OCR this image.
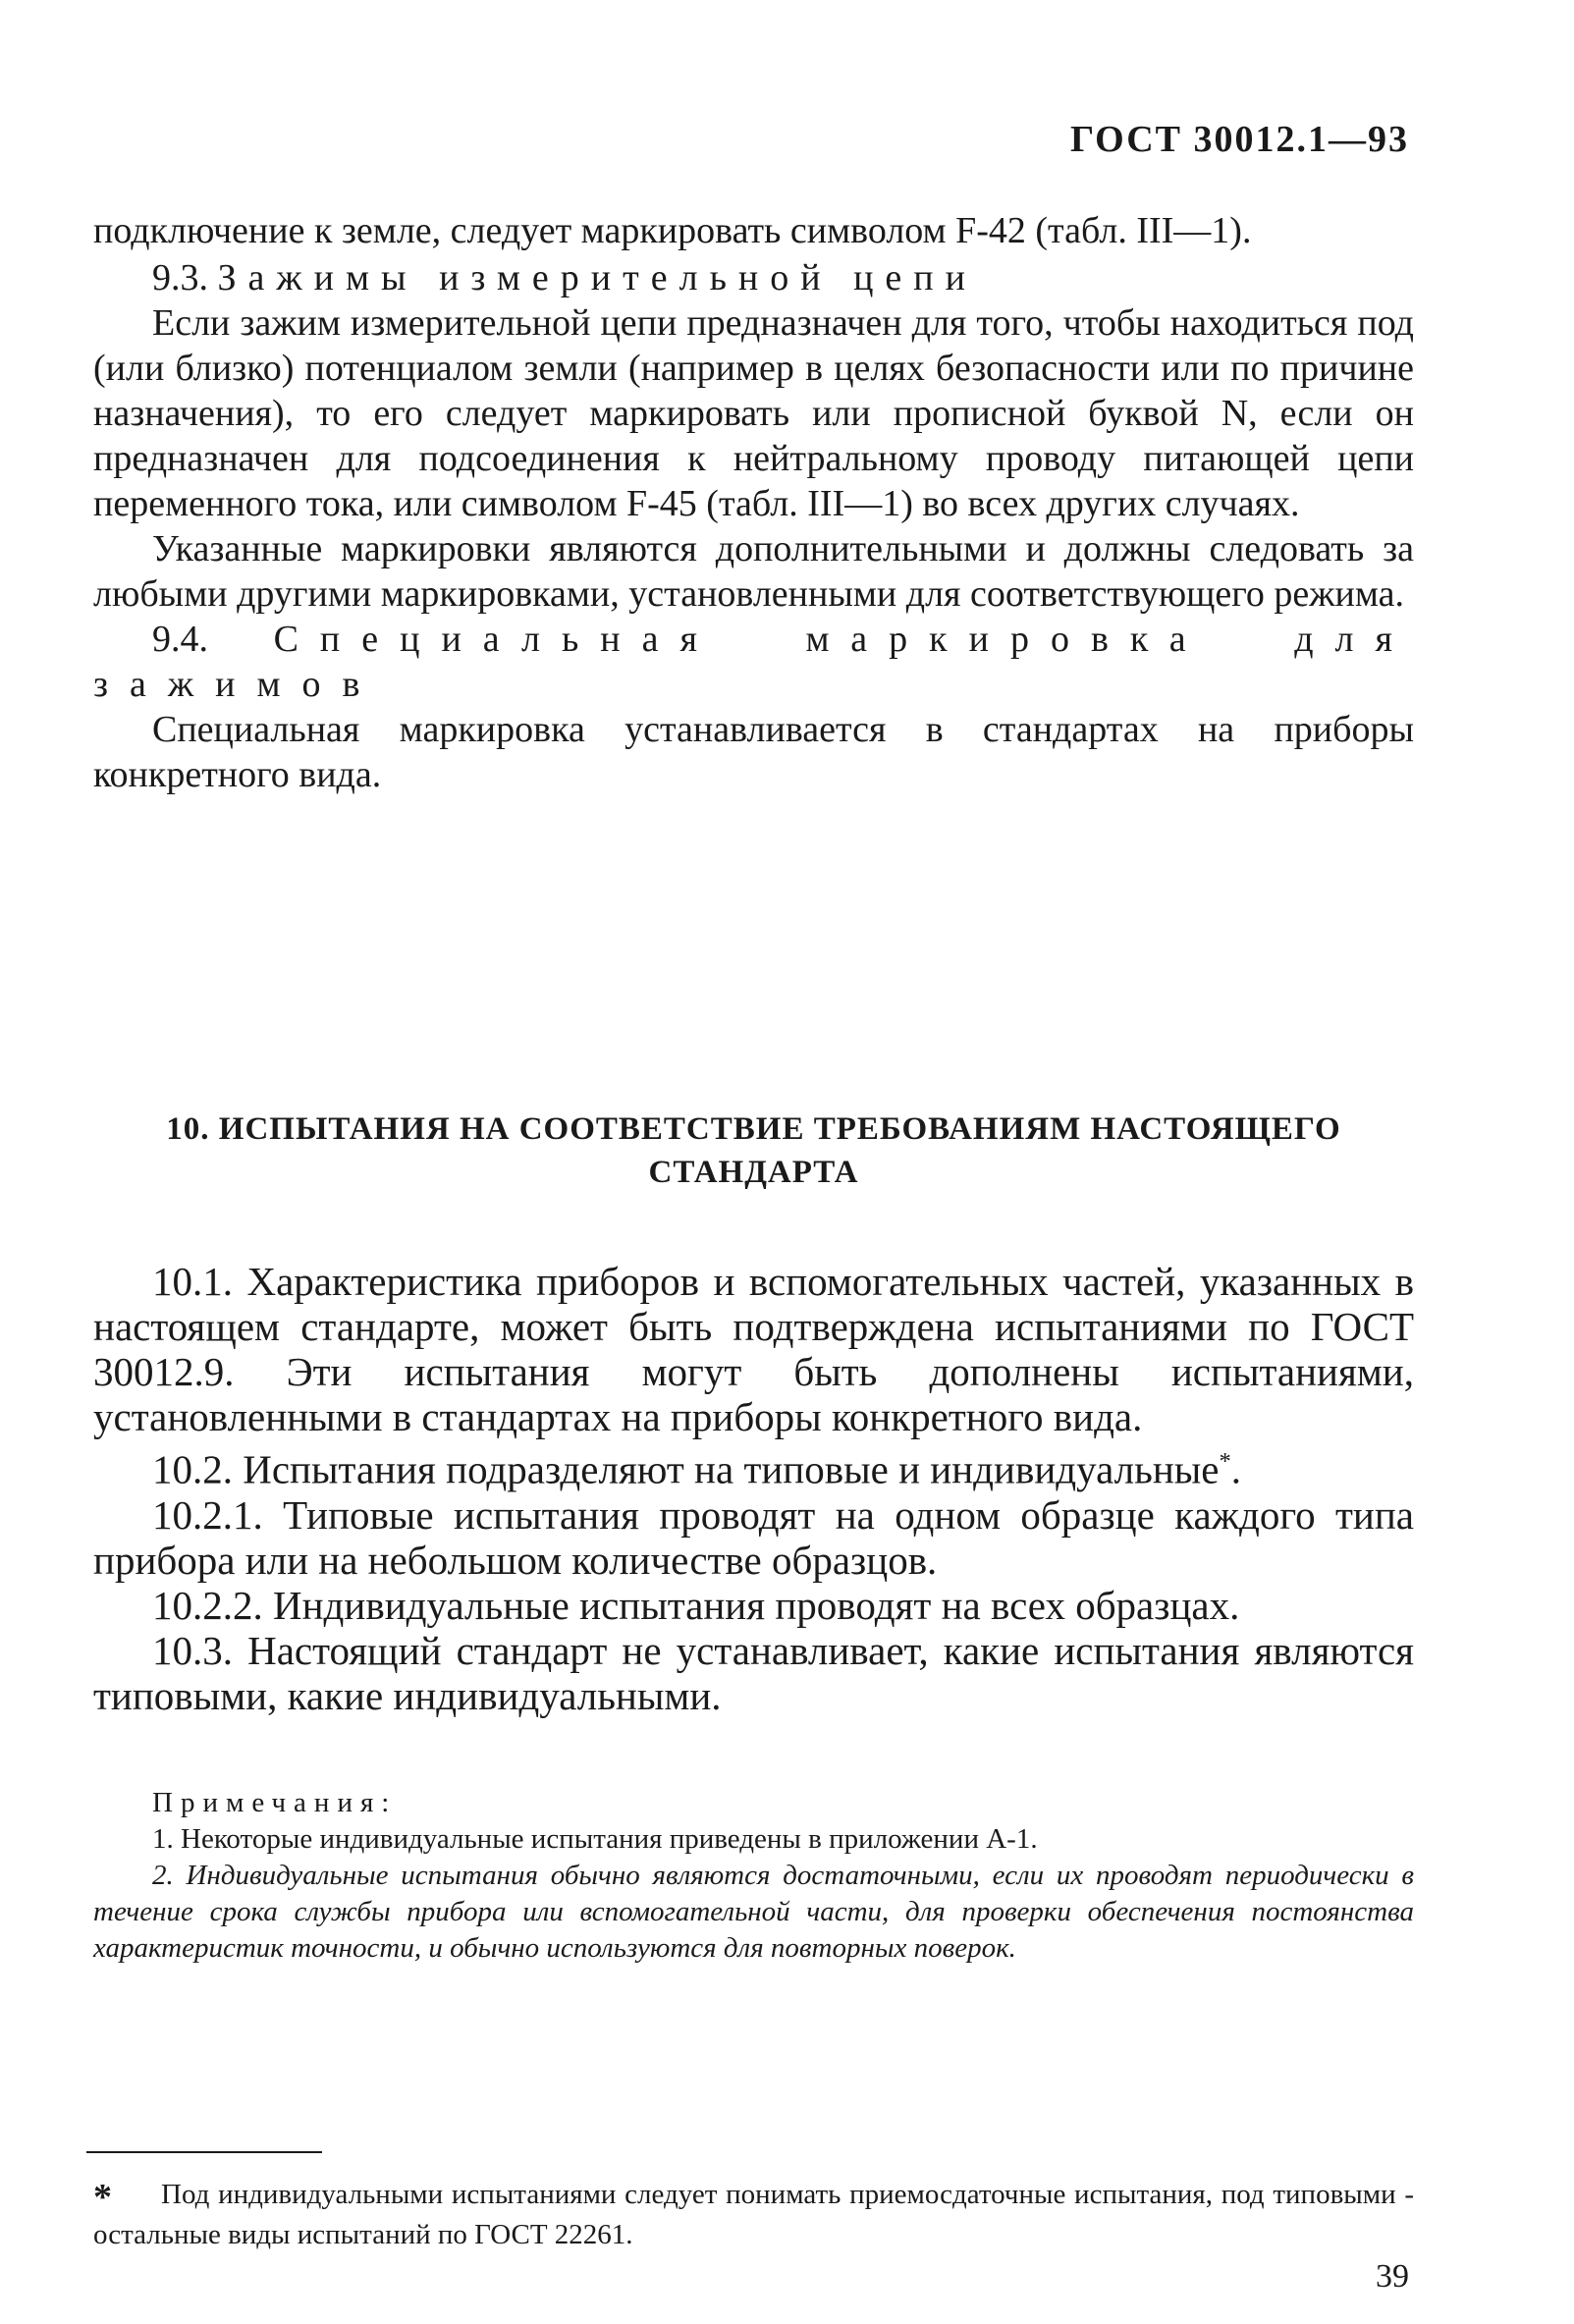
ГОСТ 30012.1—93

подключение к земле, следует маркировать символом F-42 (табл. III—1).

9.3. Зажимы измерительной цепи

Если зажим измерительной цепи предназначен для того, чтобы находиться под (или близко) потенциалом земли (например в целях безопасности или по причине назначения), то его следует маркировать или прописной буквой N, если он предназначен для подсоединения к нейтральному проводу питающей цепи переменного тока, или символом F-45 (табл. III—1) во всех других случаях.

Указанные маркировки являются дополнительными и должны следовать за любыми другими маркировками, установленными для соответствующего режима.

9.4. Специальная маркировка для зажимов

Специальная маркировка устанавливается в стандартах на приборы конкретного вида.

10. ИСПЫТАНИЯ НА СООТВЕТСТВИЕ ТРЕБОВАНИЯМ НАСТОЯЩЕГО СТАНДАРТА

10.1. Характеристика приборов и вспомогательных частей, указанных в настоящем стандарте, может быть подтверждена испытаниями по ГОСТ 30012.9. Эти испытания могут быть дополнены испытаниями, установленными в стандартах на приборы конкретного вида.

10.2. Испытания подразделяют на типовые и индивидуальные*.

10.2.1. Типовые испытания проводят на одном образце каждого типа прибора или на небольшом количестве образцов.

10.2.2. Индивидуальные испытания проводят на всех образцах.

10.3. Настоящий стандарт не устанавливает, какие испытания являются типовыми, какие индивидуальными.

Примечания:

1. Некоторые индивидуальные испытания приведены в приложении А-1.

2. Индивидуальные испытания обычно являются достаточными, если их проводят периодически в течение срока службы прибора или вспомогательной части, для проверки обеспечения постоянства характеристик точности, и обычно используются для повторных поверок.

* Под индивидуальными испытаниями следует понимать приемосдаточные испытания, под типовыми - остальные виды испытаний по ГОСТ 22261.

39
